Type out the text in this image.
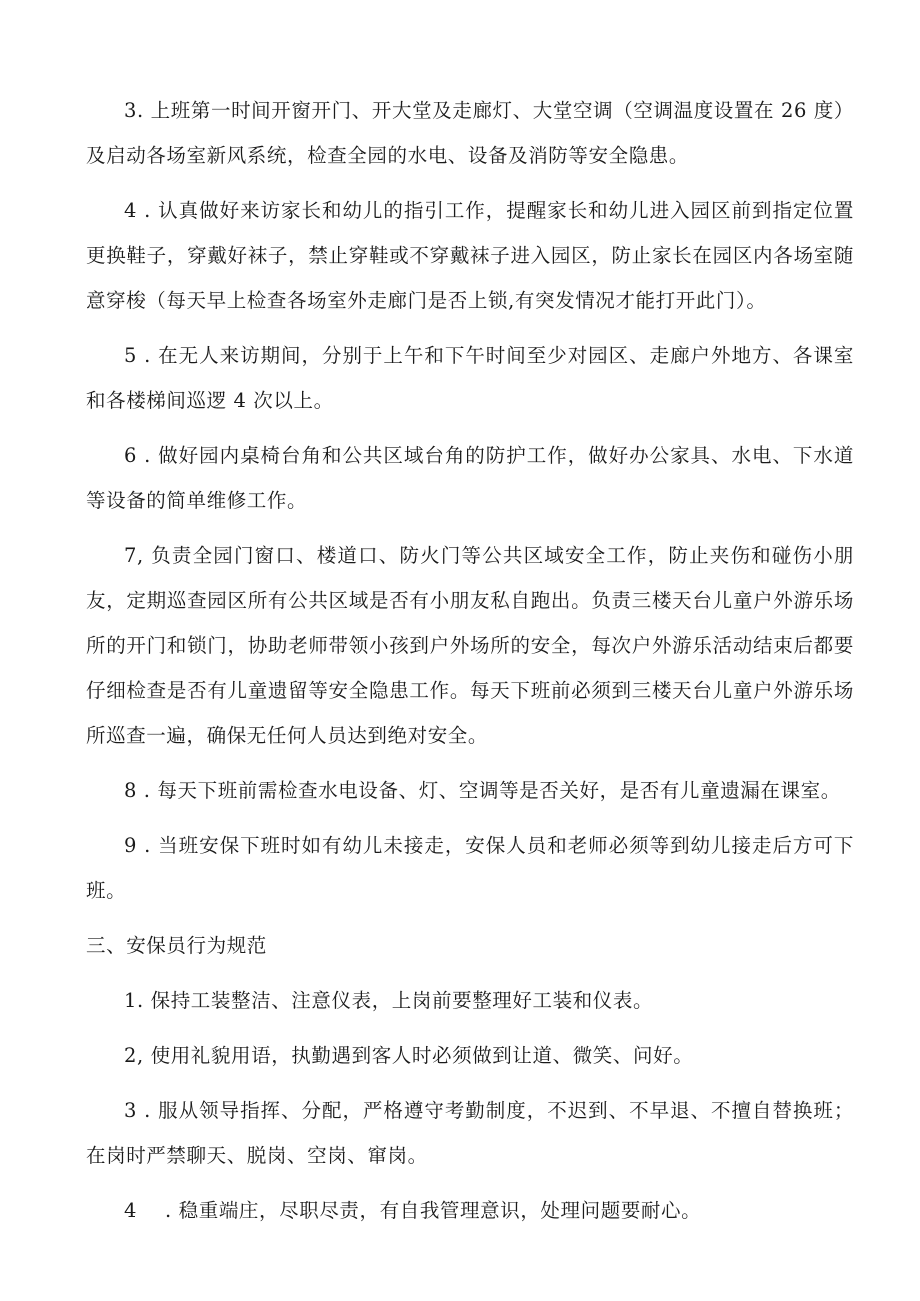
3. 上班第一时间开窗开门、开大堂及走廊灯、大堂空调（空调温度设置在 26 度）及启动各场室新风系统，检查全园的水电、设备及消防等安全隐患。

4 . 认真做好来访家长和幼儿的指引工作，提醒家长和幼儿进入园区前到指定位置更换鞋子，穿戴好袜子，禁止穿鞋或不穿戴袜子进入园区，防止家长在园区内各场室随意穿梭（每天早上检查各场室外走廊门是否上锁,有突发情况才能打开此门）。

5 . 在无人来访期间，分别于上午和下午时间至少对园区、走廊户外地方、各课室和各楼梯间巡逻 4 次以上。

6 . 做好园内桌椅台角和公共区域台角的防护工作，做好办公家具、水电、下水道等设备的简单维修工作。

7, 负责全园门窗口、楼道口、防火门等公共区域安全工作，防止夹伤和碰伤小朋友，定期巡查园区所有公共区域是否有小朋友私自跑出。负责三楼天台儿童户外游乐场所的开门和锁门，协助老师带领小孩到户外场所的安全，每次户外游乐活动结束后都要仔细检查是否有儿童遗留等安全隐患工作。每天下班前必须到三楼天台儿童户外游乐场所巡查一遍，确保无任何人员达到绝对安全。

8 . 每天下班前需检查水电设备、灯、空调等是否关好，是否有儿童遗漏在课室。

9 . 当班安保下班时如有幼儿未接走，安保人员和老师必须等到幼儿接走后方可下班。

三、安保员行为规范

1. 保持工装整洁、注意仪表，上岗前要整理好工装和仪表。

2, 使用礼貌用语，执勤遇到客人时必须做到让道、微笑、问好。

3 . 服从领导指挥、分配，严格遵守考勤制度，不迟到、不早退、不擅自替换班；在岗时严禁聊天、脱岗、空岗、窜岗。

4 . 稳重端庄，尽职尽责，有自我管理意识，处理问题要耐心。
